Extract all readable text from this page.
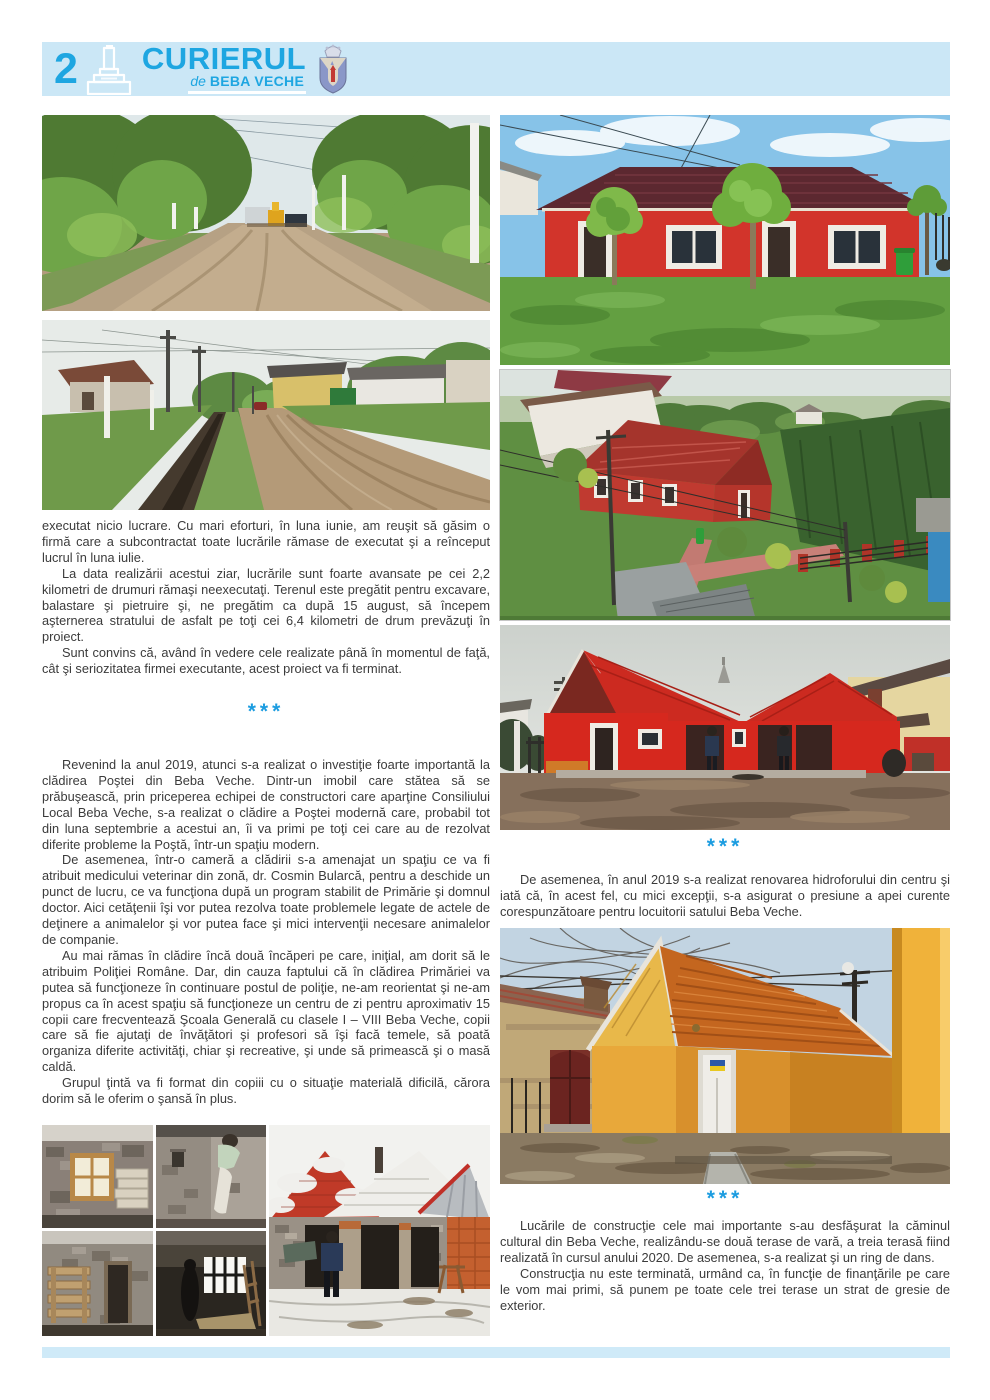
2 CURIERUL
de BEBA VECHE

executat nicio lucrare. Cu mari eforturi, în luna iunie, am reuşit să găsim o firmă care a subcontractat toate lucrările rămase de executat şi a reînceput lucrul în luna iulie.

La data realizării acestui ziar, lucrările sunt foarte avansate pe cei 2,2 kilometri de drumuri rămaşi neexecutaţi. Terenul este pregătit pentru excavare, balastare şi pietruire şi, ne pregătim ca după 15 august, să începem aşternerea stratului de asfalt pe toţi cei 6,4 kilometri de drum prevăzuţi în proiect.

Sunt convins că, având în vedere cele realizate până în momentul de faţă, cât şi seriozitatea firmei executante, acest proiect va fi terminat.

***

Revenind la anul 2019, atunci s-a realizat o investiţie foarte importantă la clădirea Poştei din Beba Veche. Dintr-un imobil care stătea să se prăbuşească, prin priceperea echipei de constructori care aparţine Consiliului Local Beba Veche, s-a realizat o clădire a Poştei modernă care, probabil tot din luna septembrie a acestui an, îi va primi pe toţi cei care au de rezolvat diferite probleme la Poştă, într-un spaţiu modern.

De asemenea, într-o cameră a clădirii s-a amenajat un spaţiu ce va fi atribuit medicului veterinar din zonă, dr. Cosmin Bularcă, pentru a deschide un punct de lucru, ce va funcţiona după un program stabilit de Primărie şi domnul doctor. Aici cetăţenii îşi vor putea rezolva toate problemele legate de actele de deţinere a animalelor şi vor putea face şi mici intervenţii necesare animalelor de companie.

Au mai rămas în clădire încă două încăperi pe care, iniţial, am dorit să le atribuim Poliţiei Române. Dar, din cauza faptului că în clădirea Primăriei va putea să funcţioneze în continuare postul de poliţie, ne-am reorientat şi ne-am propus ca în acest spaţiu să funcţioneze un centru de zi pentru aproximativ 15 copii care frecventează Şcoala Generală cu clasele I – VIII Beba Veche, copii care să fie ajutaţi de învăţători şi profesori să îşi facă temele, să poată organiza diferite activităţi, chiar şi recreative, şi unde să primească şi o masă caldă.

Grupul ţintă va fi format din copiii cu o situaţie materială dificilă, cărora dorim să le oferim o şansă în plus.

***

De asemenea, în anul 2019 s-a realizat renovarea hidroforului din centru şi iată că, în acest fel, cu mici excepţii, s-a asigurat o presiune a apei curente corespunzătoare pentru locuitorii satului Beba Veche.

***

Lucările de construcţie cele mai importante s-au desfăşurat la căminul cultural din Beba Veche, realizându-se două terase de vară, a treia terasă fiind realizată în cursul anului 2020. De asemenea, s-a realizat şi un ring de dans.

Construcţia nu este terminată, urmând ca, în funcţie de finanţările pe care le vom mai primi, să punem pe toate cele trei terase un strat de gresie de exterior.
